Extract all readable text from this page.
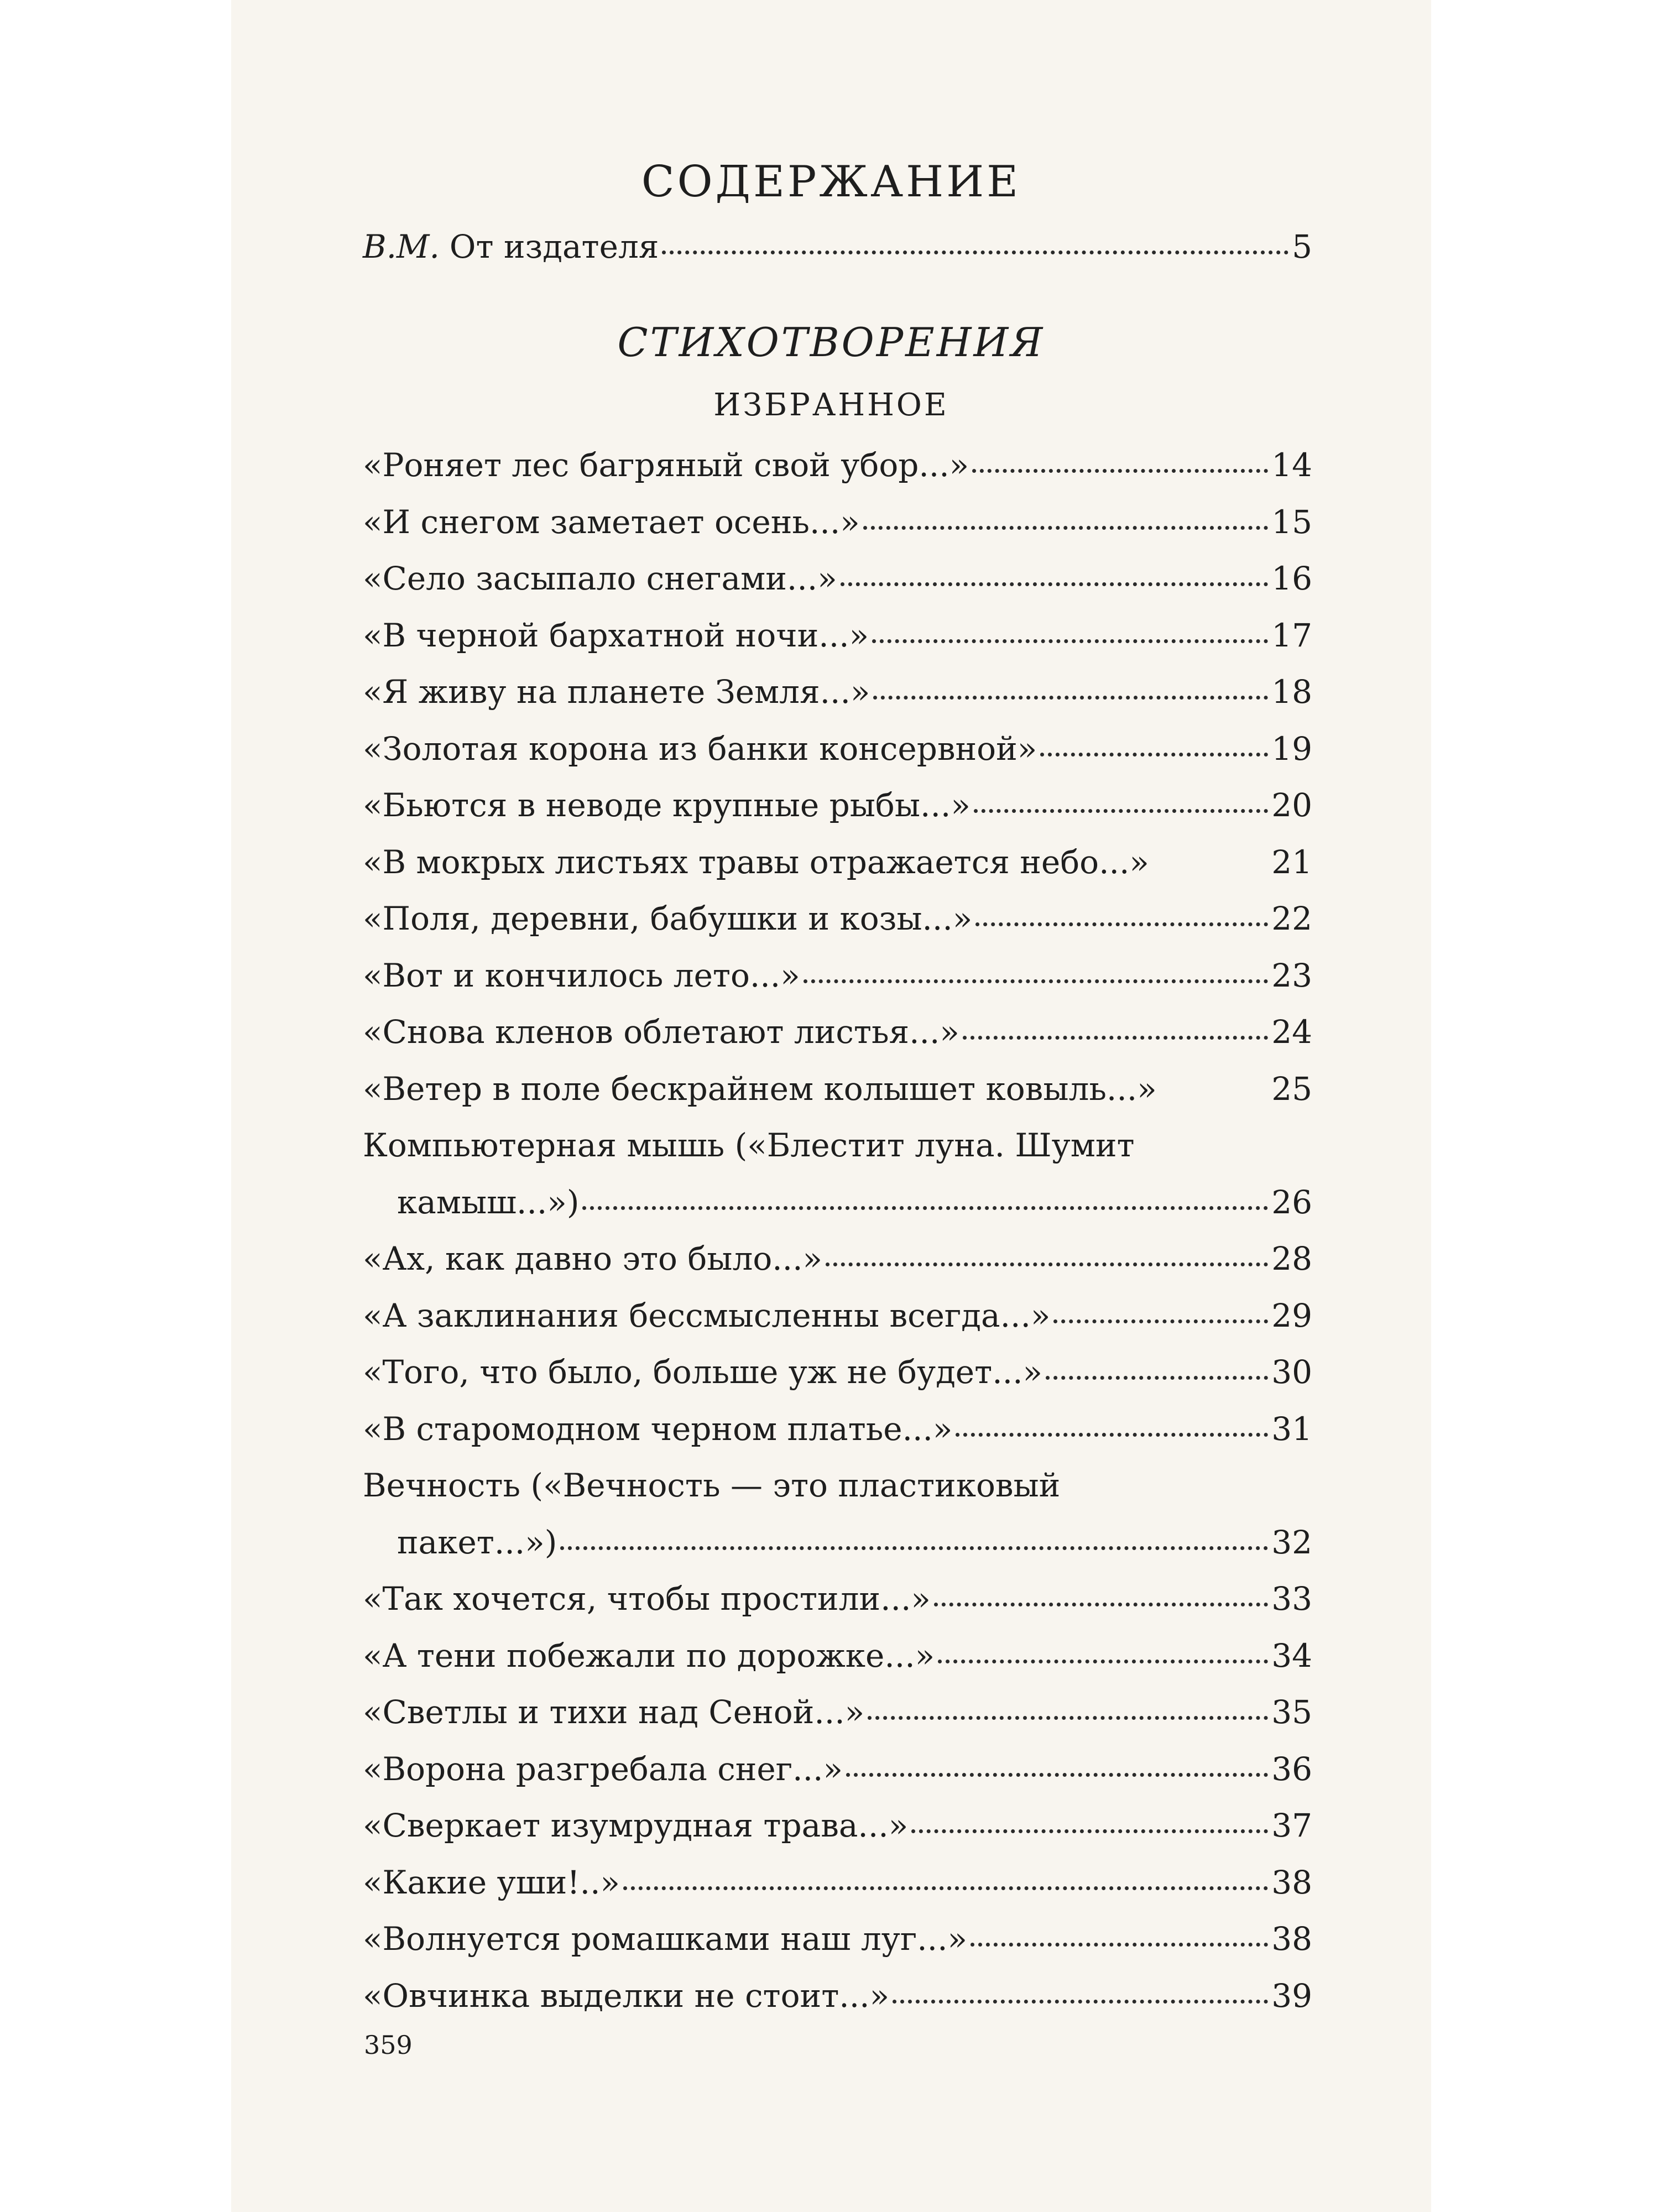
СОДЕРЖАНИЕ
В.М. От издателя	5
СТИХОТВОРЕНИЯ
ИЗБРАННОЕ
«Роняет лес багряный свой убор...»	14
«И снегом заметает осень...»	15
«Село засыпало снегами...»	16
«В черной бархатной ночи...»	17
«Я живу на планете Земля...»	18
«Золотая корона из банки консервной»	19
«Бьются в неводе крупные рыбы...»	20
«В мокрых листьях травы отражается небо...»	21
«Поля, деревни, бабушки и козы...»	22
«Вот и кончилось лето...»	23
«Снова кленов облетают листья...»	24
«Ветер в поле бескрайнем колышет ковыль...»	25
Компьютерная мышь («Блестит луна. Шумит
камыш...»)	26
«Ах, как давно это было...»	28
«А заклинания бессмысленны всегда...»	29
«Того, что было, больше уж не будет...»	30
«В старомодном черном платье...»	31
Вечность («Вечность — это пластиковый
пакет...»)	32
«Так хочется, чтобы простили...»	33
«А тени побежали по дорожке...»	34
«Светлы и тихи над Сеной...»	35
«Ворона разгребала снег...»	36
«Сверкает изумрудная трава...»	37
«Какие уши!..»	38
«Волнуется ромашками наш луг...»	38
«Овчинка выделки не стоит...»	39
359
